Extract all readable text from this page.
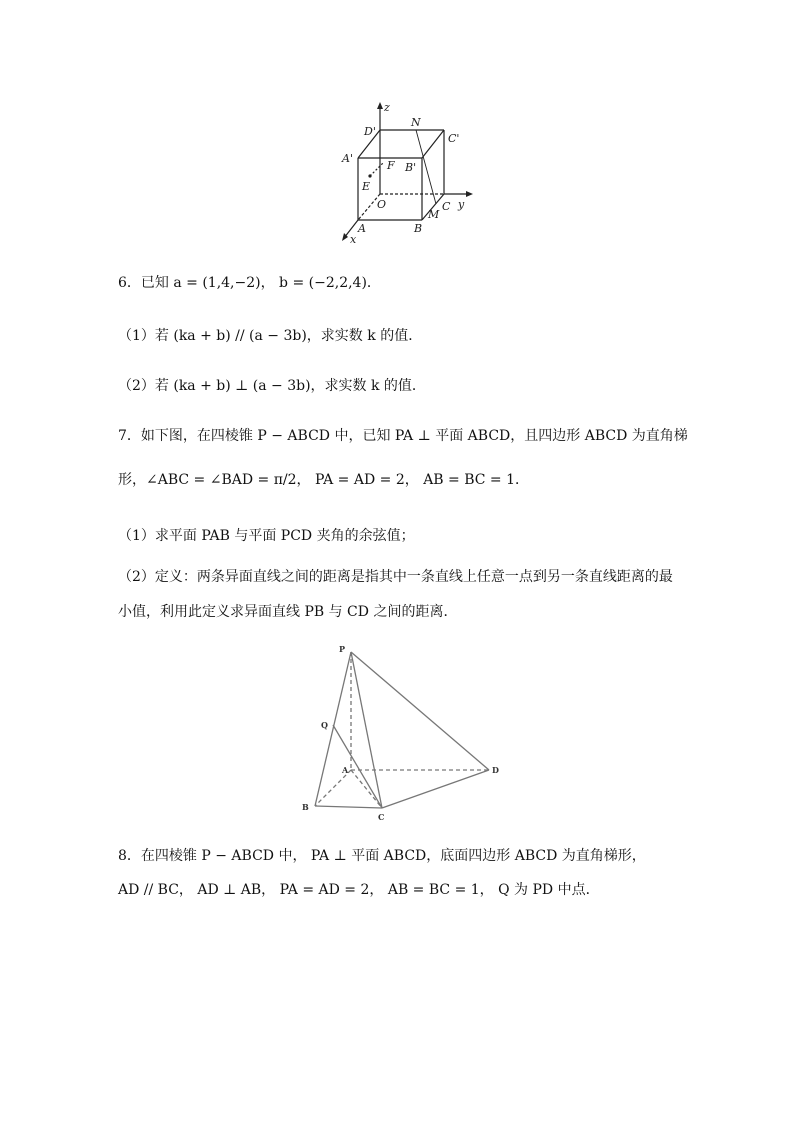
z
D'
N
C'
A'
F B'
E
O	C y
M
A	B
x
6．已知 a = (1,4,−2)， b = (−2,2,4)．
（1）若 (ka + b) // (a − 3b)，求实数 k 的值．
（2）若 (ka + b) ⊥ (a − 3b)，求实数 k 的值．
7．如下图，在四棱锥 P − ABCD 中，已知 PA ⊥ 平面 ABCD，且四边形 ABCD 为直角梯
形，∠ABC = ∠BAD = π/2， PA = AD = 2， AB = BC = 1．
（1）求平面 PAB 与平面 PCD 夹角的余弦值；
（2）定义：两条异面直线之间的距离是指其中一条直线上任意一点到另一条直线距离的最
小值，利用此定义求异面直线 PB 与 CD 之间的距离．
P
Q
A
B
C
D
8．在四棱锥 P − ABCD 中， PA ⊥ 平面 ABCD，底面四边形 ABCD 为直角梯形，
AD // BC， AD ⊥ AB， PA = AD = 2， AB = BC = 1， Q 为 PD 中点．
